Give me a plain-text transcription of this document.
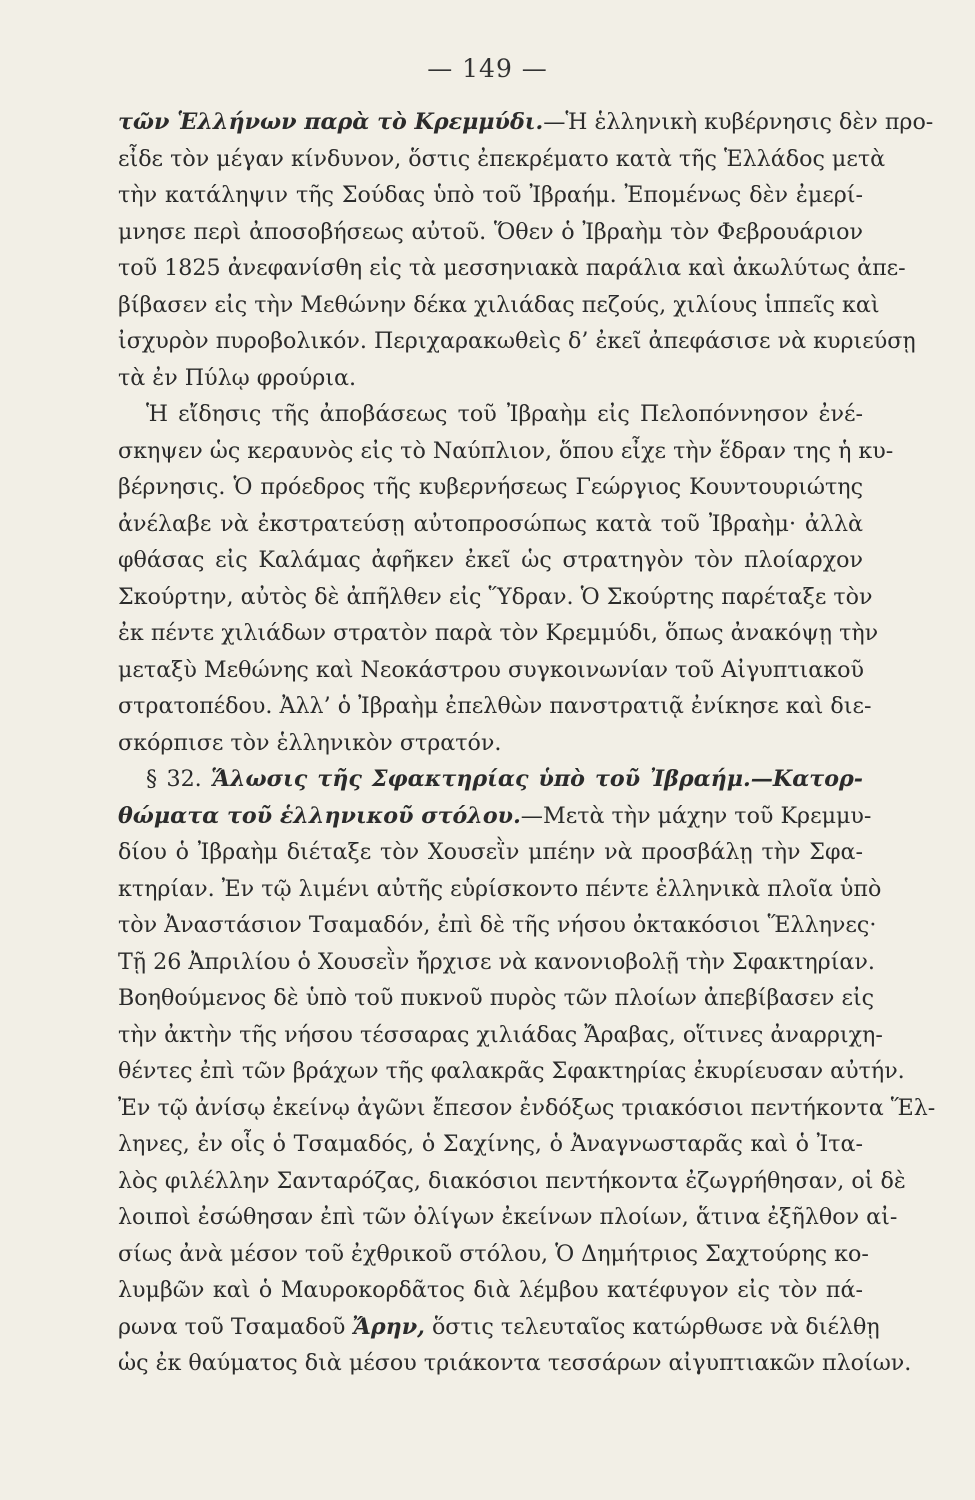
— 149 —
τῶν Ἑλλήνων παρὰ τὸ Κρεμμύδι.—Ἡ ἑλληνικὴ κυβέρνησις δὲν προ-
εἶδε τὸν μέγαν κίνδυνον, ὅστις ἐπεκρέματο κατὰ τῆς Ἑλλάδος μετὰ
τὴν κατάληψιν τῆς Σούδας ὑπὸ τοῦ Ἰβραήμ. Ἐπομένως δὲν ἐμερί-
μνησε περὶ ἀποσοβήσεως αὐτοῦ. Ὅθεν ὁ Ἰβραὴμ τὸν Φεβρουάριον
τοῦ 1825 ἀνεφανίσθη εἰς τὰ μεσσηνιακὰ παράλια καὶ ἀκωλύτως ἀπε-
βίβασεν εἰς τὴν Μεθώνην δέκα χιλιάδας πεζούς, χιλίους ἱππεῖς καὶ
ἰσχυρὸν πυροβολικόν. Περιχαρακωθεὶς δ’ ἐκεῖ ἀπεφάσισε νὰ κυριεύσῃ
τὰ ἐν Πύλῳ φρούρια.
Ἡ εἴδησις τῆς ἀποβάσεως τοῦ Ἰβραὴμ εἰς Πελοπόννησον ἐνέ-
σκηψεν ὡς κεραυνὸς εἰς τὸ Ναύπλιον, ὅπου εἶχε τὴν ἕδραν της ἡ κυ-
βέρνησις. Ὁ πρόεδρος τῆς κυβερνήσεως Γεώργιος Κουντουριώτης
ἀνέλαβε νὰ ἐκστρατεύσῃ αὐτοπροσώπως κατὰ τοῦ Ἰβραὴμ· ἀλλὰ
φθάσας εἰς Καλάμας ἀφῆκεν ἐκεῖ ὡς στρατηγὸν τὸν πλοίαρχον
Σκούρτην, αὐτὸς δὲ ἀπῆλθεν εἰς Ὕδραν. Ὁ Σκούρτης παρέταξε τὸν
ἐκ πέντε χιλιάδων στρατὸν παρὰ τὸν Κρεμμύδι, ὅπως ἀνακόψῃ τὴν
μεταξὺ Μεθώνης καὶ Νεοκάστρου συγκοινωνίαν τοῦ Αἰγυπτιακοῦ
στρατοπέδου. Ἀλλ’ ὁ Ἰβραὴμ ἐπελθὼν πανστρατιᾷ ἐνίκησε καὶ διε-
σκόρπισε τὸν ἑλληνικὸν στρατόν.
§ 32. Ἅλωσις τῆς Σφακτηρίας ὑπὸ τοῦ Ἰβραήμ.—Κατορ-
θώματα τοῦ ἑλληνικοῦ στόλου.—Μετὰ τὴν μάχην τοῦ Κρεμμυ-
δίου ὁ Ἰβραὴμ διέταξε τὸν Χουσεῒν μπέην νὰ προσβάλῃ τὴν Σφα-
κτηρίαν. Ἐν τῷ λιμένι αὐτῆς εὑρίσκοντο πέντε ἑλληνικὰ πλοῖα ὑπὸ
τὸν Ἀναστάσιον Τσαμαδόν, ἐπὶ δὲ τῆς νήσου ὀκτακόσιοι Ἕλληνες·
Τῇ 26 Ἀπριλίου ὁ Χουσεῒν ἤρχισε νὰ κανονιοβολῇ τὴν Σφακτηρίαν.
Βοηθούμενος δὲ ὑπὸ τοῦ πυκνοῦ πυρὸς τῶν πλοίων ἀπεβίβασεν εἰς
τὴν ἀκτὴν τῆς νήσου τέσσαρας χιλιάδας Ἄραβας, οἵτινες ἀναρριχη-
θέντες ἐπὶ τῶν βράχων τῆς φαλακρᾶς Σφακτηρίας ἐκυρίευσαν αὐτήν.
Ἐν τῷ ἀνίσῳ ἐκείνῳ ἀγῶνι ἔπεσον ἐνδόξως τριακόσιοι πεντήκοντα Ἕλ-
ληνες, ἐν οἷς ὁ Τσαμαδός, ὁ Σαχίνης, ὁ Ἀναγνωσταρᾶς καὶ ὁ Ἰτα-
λὸς φιλέλλην Σανταρόζας, διακόσιοι πεντήκοντα ἐζωγρήθησαν, οἱ δὲ
λοιποὶ ἐσώθησαν ἐπὶ τῶν ὀλίγων ἐκείνων πλοίων, ἅτινα ἐξῆλθον αἰ-
σίως ἀνὰ μέσον τοῦ ἐχθρικοῦ στόλου, Ὁ Δημήτριος Σαχτούρης κο-
λυμβῶν καὶ ὁ Μαυροκορδᾶτος διὰ λέμβου κατέφυγον εἰς τὸν πά-
ρωνα τοῦ Τσαμαδοῦ Ἄρην, ὅστις τελευταῖος κατώρθωσε νὰ διέλθῃ
ὡς ἐκ θαύματος διὰ μέσου τριάκοντα τεσσάρων αἰγυπτιακῶν πλοίων.
